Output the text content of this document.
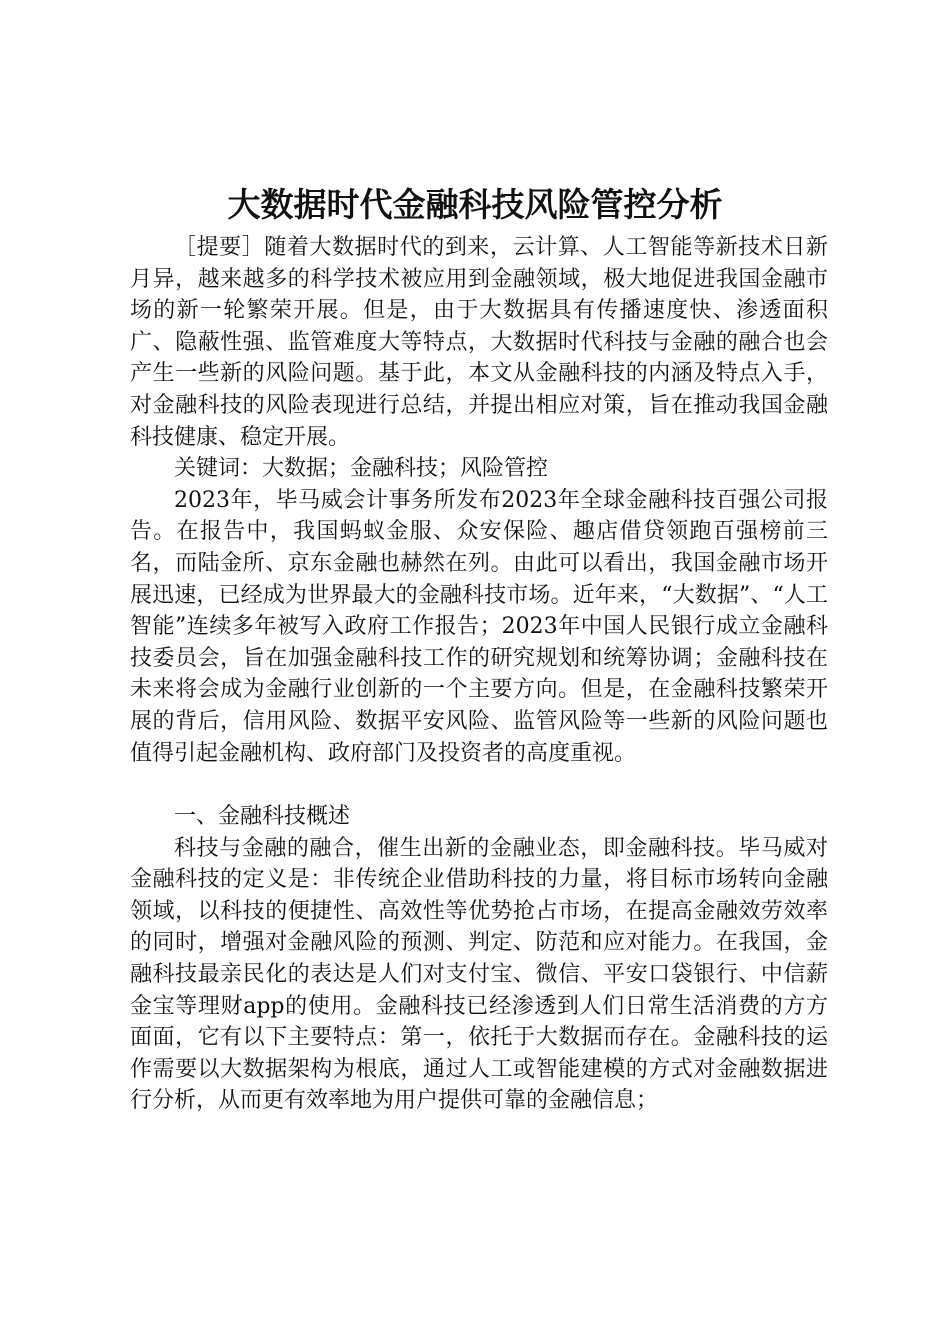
大数据时代金融科技风险管控分析

［提要］随着大数据时代的到来，云计算、人工智能等新技术日新月异，越来越多的科学技术被应用到金融领域，极大地促进我国金融市场的新一轮繁荣开展。但是，由于大数据具有传播速度快、渗透面积广、隐蔽性强、监管难度大等特点，大数据时代科技与金融的融合也会产生一些新的风险问题。基于此，本文从金融科技的内涵及特点入手，对金融科技的风险表现进行总结，并提出相应对策，旨在推动我国金融科技健康、稳定开展。

关键词：大数据；金融科技；风险管控

2023年，毕马威会计事务所发布2023年全球金融科技百强公司报告。在报告中，我国蚂蚁金服、众安保险、趣店借贷领跑百强榜前三名，而陆金所、京东金融也赫然在列。由此可以看出，我国金融市场开展迅速，已经成为世界最大的金融科技市场。近年来，“大数据”、“人工智能”连续多年被写入政府工作报告；2023年中国人民银行成立金融科技委员会，旨在加强金融科技工作的研究规划和统筹协调；金融科技在未来将会成为金融行业创新的一个主要方向。但是，在金融科技繁荣开展的背后，信用风险、数据平安风险、监管风险等一些新的风险问题也值得引起金融机构、政府部门及投资者的高度重视。

一、金融科技概述

科技与金融的融合，催生出新的金融业态，即金融科技。毕马威对金融科技的定义是：非传统企业借助科技的力量，将目标市场转向金融领域，以科技的便捷性、高效性等优势抢占市场，在提高金融效劳效率的同时，增强对金融风险的预测、判定、防范和应对能力。在我国，金融科技最亲民化的表达是人们对支付宝、微信、平安口袋银行、中信薪金宝等理财app的使用。金融科技已经渗透到人们日常生活消费的方方面面，它有以下主要特点：第一，依托于大数据而存在。金融科技的运作需要以大数据架构为根底，通过人工或智能建模的方式对金融数据进行分析，从而更有效率地为用户提供可靠的金融信息；
